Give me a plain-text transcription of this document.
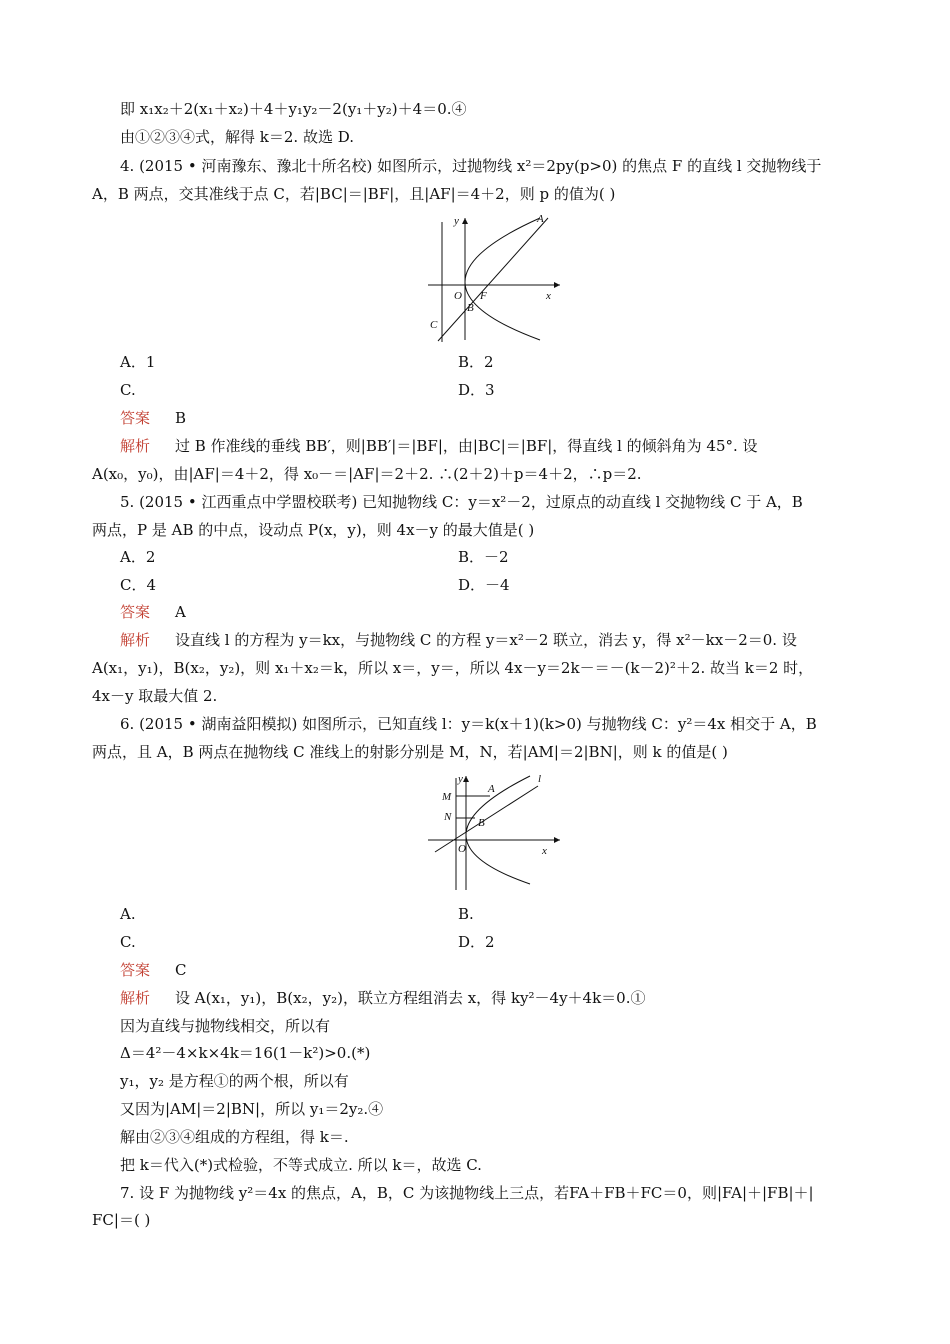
即 x₁x₂＋2(x₁＋x₂)＋4＋y₁y₂－2(y₁＋y₂)＋4＝0.④
由①②③④式，解得 k＝2. 故选 D.
4. (2015 • 河南豫东、豫北十所名校) 如图所示，过抛物线 x²＝2py(p>0) 的焦点 F 的直线 l 交抛物线于
A，B 两点，交其准线于点 C，若|BC|＝|BF|，且|AF|＝4＋2，则 p 的值为( )
y	A
O F	x
B
C
A．1	B．2
C.	D．3
答案 B
解析 过 B 作准线的垂线 BB′，则|BB′|＝|BF|，由|BC|＝|BF|，得直线 l 的倾斜角为 45°. 设
A(x₀，y₀)，由|AF|＝4＋2，得 x₀－＝|AF|＝2＋2. ∴(2＋2)＋p＝4＋2，∴p＝2.
5. (2015 • 江西重点中学盟校联考) 已知抛物线 C：y＝x²－2，过原点的动直线 l 交抛物线 C 于 A，B
两点，P 是 AB 的中点，设动点 P(x，y)，则 4x－y 的最大值是( )
A．2	B．－2
C．4	D．－4
答案 A
解析 设直线 l 的方程为 y＝kx，与抛物线 C 的方程 y＝x²－2 联立，消去 y，得 x²－kx－2＝0. 设
A(x₁，y₁)，B(x₂，y₂)，则 x₁＋x₂＝k，所以 x＝，y＝，所以 4x－y＝2k－＝－(k－2)²＋2. 故当 k＝2 时，
4x－y 取最大值 2.
6. (2015 • 湖南益阳模拟) 如图所示，已知直线 l：y＝k(x＋1)(k>0) 与抛物线 C：y²＝4x 相交于 A，B
两点，且 A，B 两点在抛物线 C 准线上的射影分别是 M，N，若|AM|＝2|BN|，则 k 的值是( )
y	l
M
A
N B
O	x
A.	B.
C.	D．2
答案 C
解析 设 A(x₁，y₁)，B(x₂，y₂)，联立方程组消去 x，得 ky²－4y＋4k＝0.①
因为直线与抛物线相交，所以有
Δ＝4²－4×k×4k＝16(1－k²)>0.(*)
y₁，y₂ 是方程①的两个根，所以有
又因为|AM|＝2|BN|，所以 y₁＝2y₂.④
解由②③④组成的方程组，得 k＝.
把 k＝代入(*)式检验，不等式成立. 所以 k＝，故选 C.
7. 设 F 为抛物线 y²＝4x 的焦点，A，B，C 为该抛物线上三点，若FA＋FB＋FC＝0，则|FA|＋|FB|＋|
FC|＝( )
